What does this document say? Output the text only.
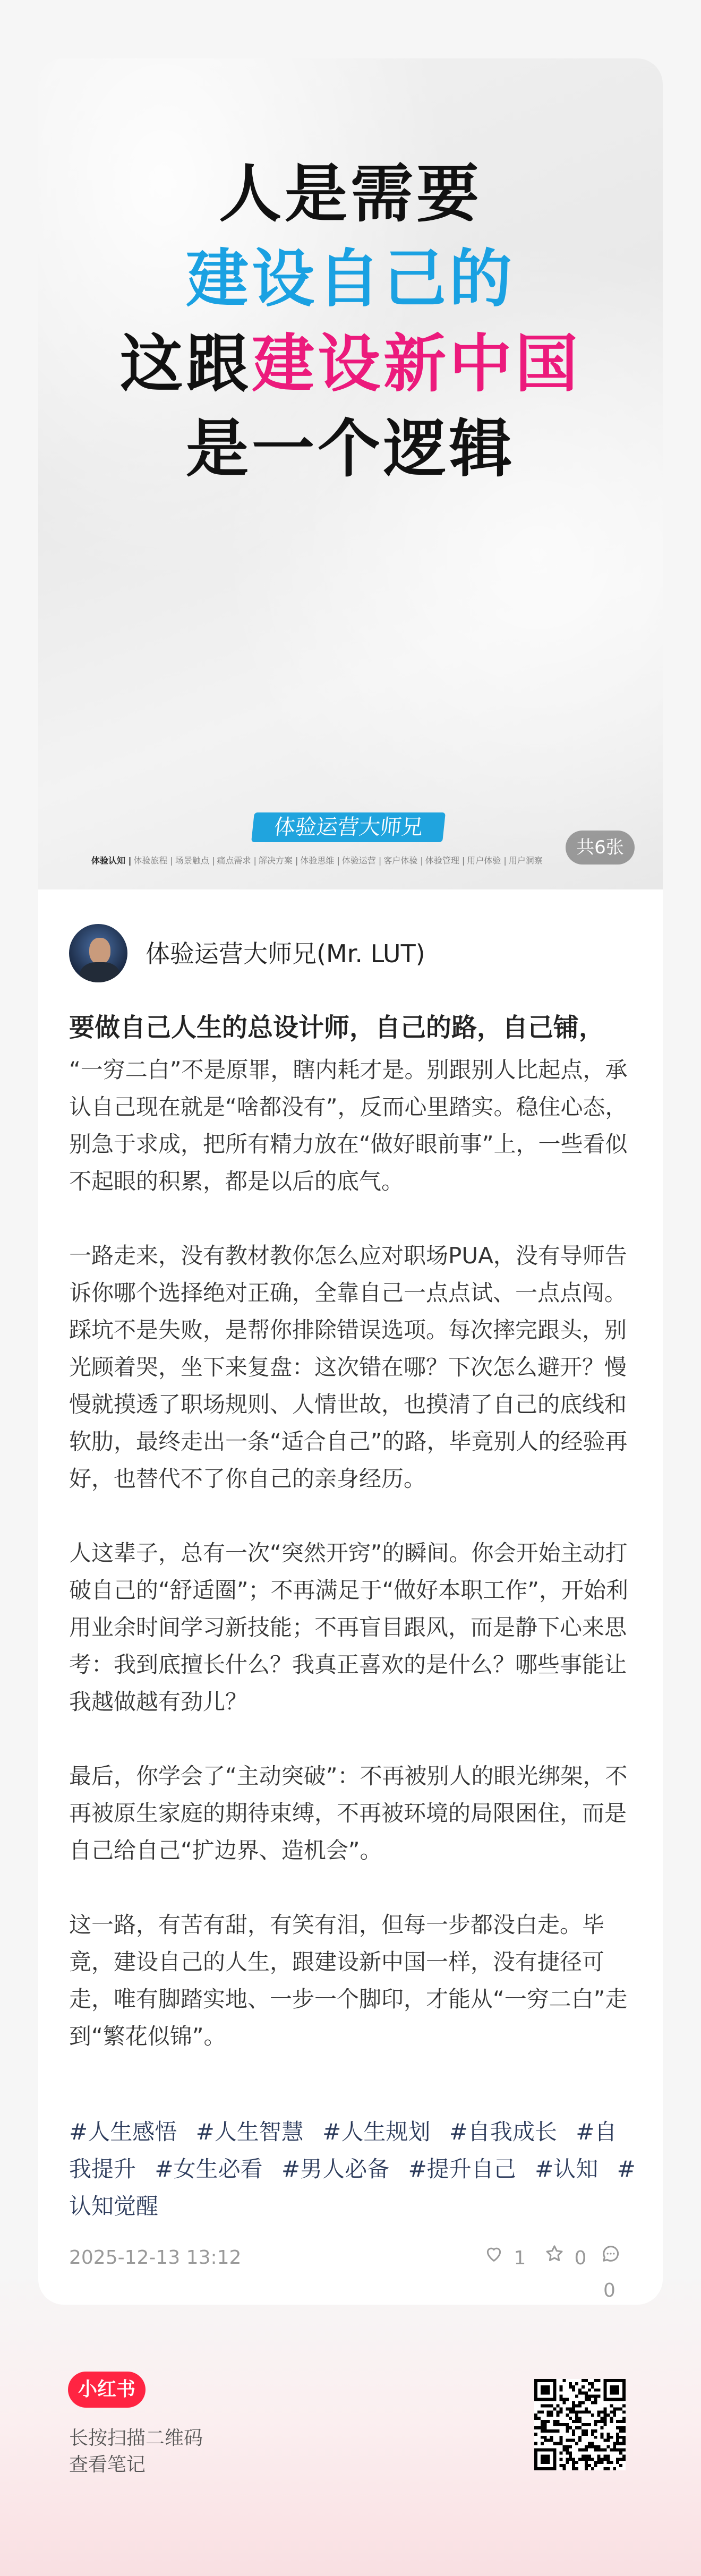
人是需要
建设自己的
这跟建设新中国
是一个逻辑
体验运营大师兄
体验认知 | 体验旅程 | 场景触点 | 痛点需求 | 解决方案 | 体验思维 | 体验运营 | 客户体验 | 体验管理 | 用户体验 | 用户洞察
共6张
体验运营大师兄(Mr. LUT)
要做自己人生的总设计师，自己的路，自己铺，

“一穷二白”不是原罪，瞎内耗才是。别跟别人比起点，承认自己现在就是“啥都没有”，反而心里踏实。稳住心态，别急于求成，把所有精力放在“做好眼前事”上，一些看似不起眼的积累，都是以后的底气。

一路走来，没有教材教你怎么应对职场PUA，没有导师告诉你哪个选择绝对正确，全靠自己一点点试、一点点闯。踩坑不是失败，是帮你排除错误选项。每次摔完跟头，别光顾着哭，坐下来复盘：这次错在哪？下次怎么避开？慢慢就摸透了职场规则、人情世故，也摸清了自己的底线和软肋，最终走出一条“适合自己”的路，毕竟别人的经验再好，也替代不了你自己的亲身经历。

人这辈子，总有一次“突然开窍”的瞬间。你会开始主动打破自己的“舒适圈”；不再满足于“做好本职工作”，开始利用业余时间学习新技能；不再盲目跟风，而是静下心来思考：我到底擅长什么？我真正喜欢的是什么？哪些事能让我越做越有劲儿？

最后，你学会了“主动突破”：不再被别人的眼光绑架，不再被原生家庭的期待束缚，不再被环境的局限困住，而是自己给自己“扩边界、造机会”。

这一路，有苦有甜，有笑有泪，但每一步都没白走。毕竟，建设自己的人生，跟建设新中国一样，没有捷径可走，唯有脚踏实地、一步一个脚印，才能从“一穷二白”走到“繁花似锦”。

#人生感悟 #人生智慧 #人生规划 #自我成长 #自我提升 #女生必看 #男人必备 #提升自己 #认知 #认知觉醒
2025-12-13 13:12	1	0
0
小红书
长按扫描二维码
查看笔记
